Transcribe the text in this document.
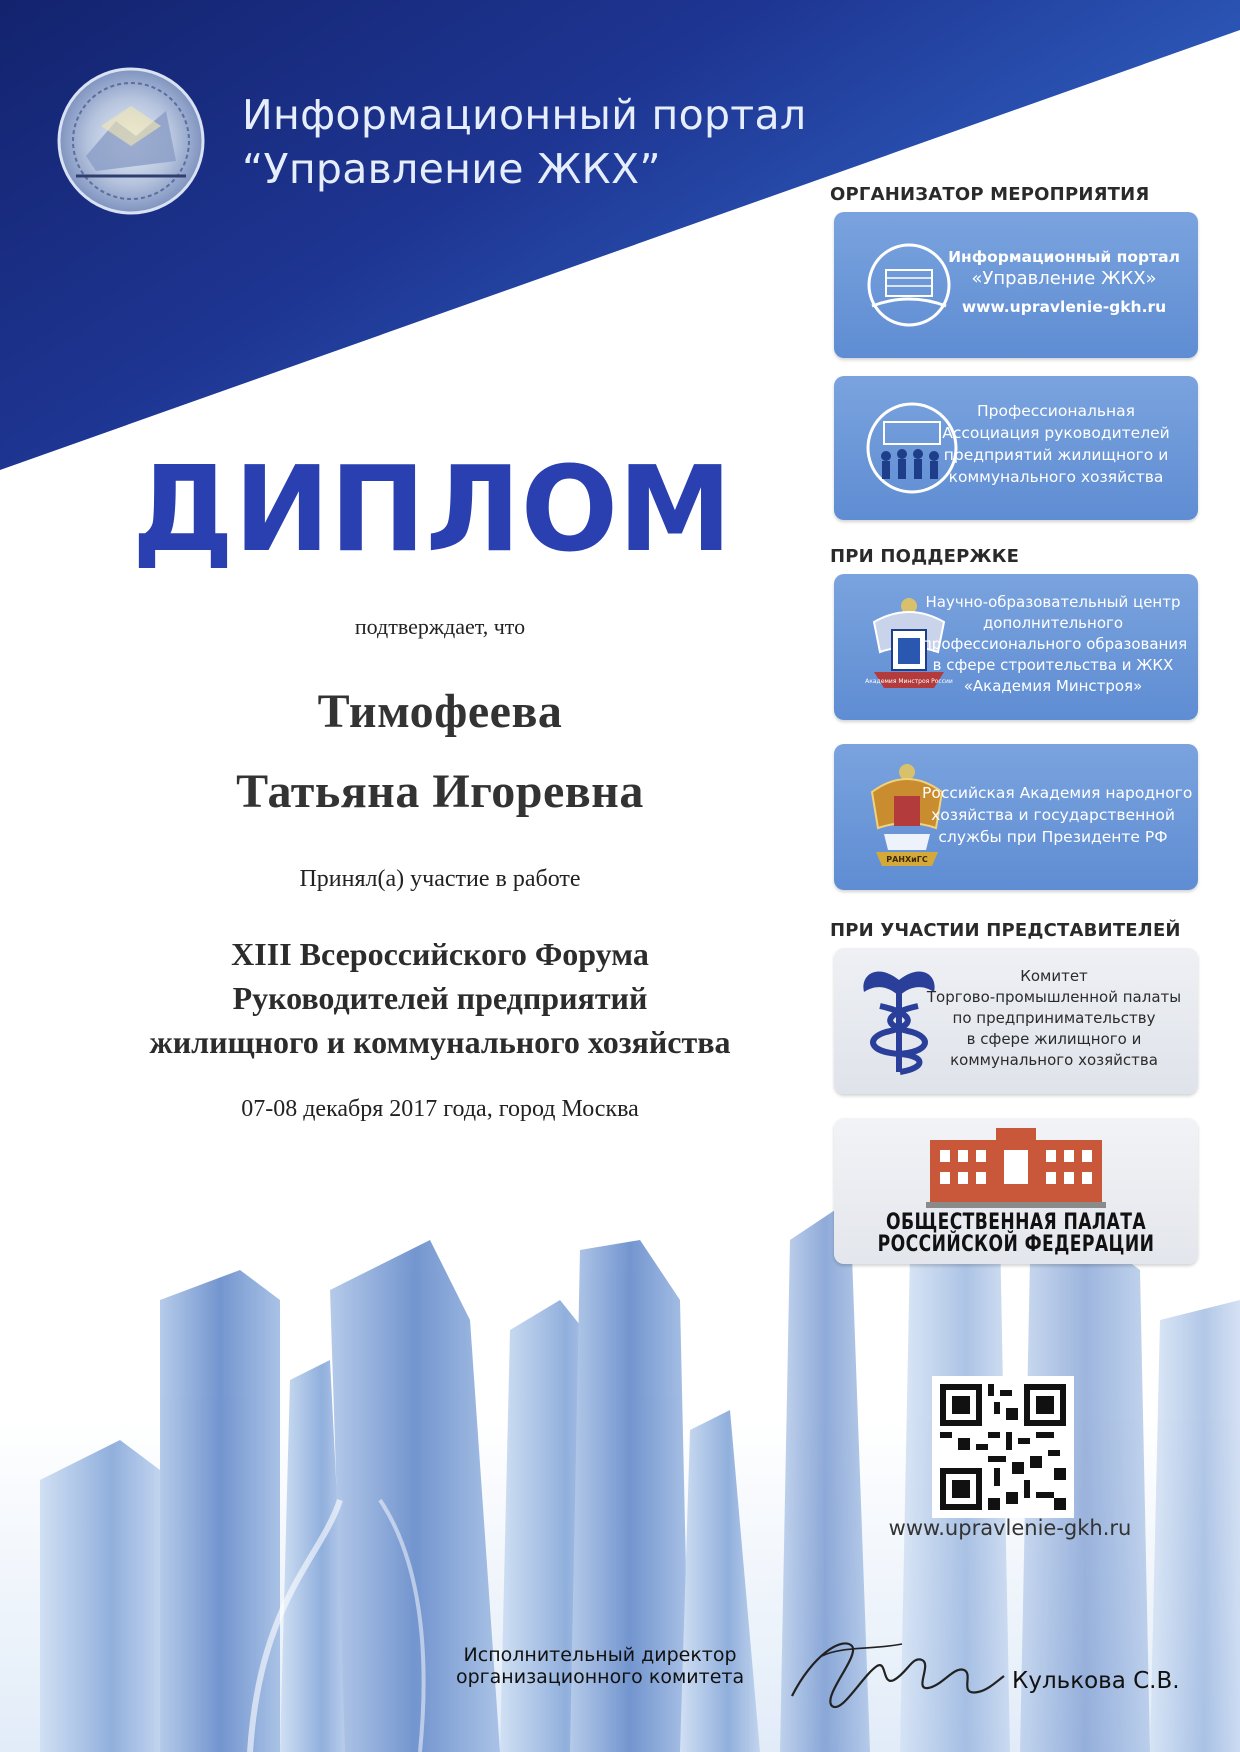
Информационный портал
“Управление ЖКХ”
ДИПЛОМ
подтверждает, что
Тимофеева
Татьяна Игоревна
Принял(а) участие в работе
XIII Всероссийского Форума
Руководителей предприятий
жилищного и коммунального хозяйства
07-08 декабря 2017 года, город Москва
ОРГАНИЗАТОР МЕРОПРИЯТИЯ
ПРИ ПОДДЕРЖКЕ
ПРИ УЧАСТИИ ПРЕДСТАВИТЕЛЕЙ
Информационный портал
«Управление ЖКХ»
www.upravlenie-gkh.ru
Профессиональная
Ассоциация руководителей
предприятий жилищного и
коммунального хозяйства
Академия Минстроя России
Научно-образовательный центр
дополнительного
профессионального образования
в сфере строительства и ЖКХ
«Академия Минстроя»
РАНХиГС
Российская Академия народного
хозяйства и государственной
службы при Президенте РФ
Комитет
Торгово-промышленной палаты
по предпринимательству
в сфере жилищного и
коммунального хозяйства
ОБЩЕСТВЕННАЯ ПАЛАТА
РОССИЙСКОЙ ФЕДЕРАЦИИ
www.upravlenie-gkh.ru
Исполнительный директор
организационного комитета	Кулькова С.В.
